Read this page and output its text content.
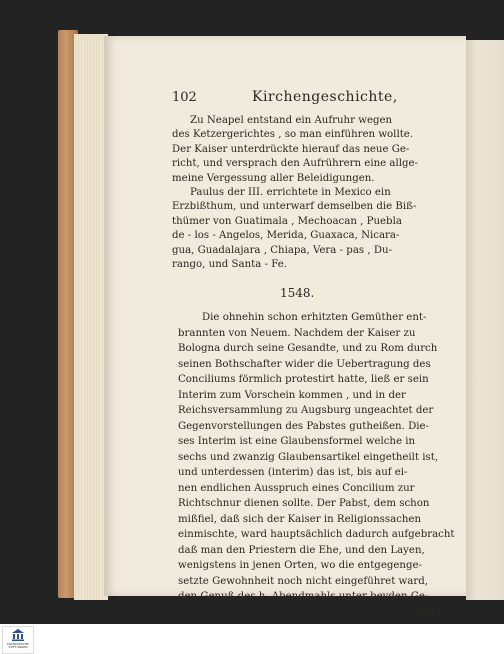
102	Kirchengeschichte,
Zu Neapel entstand ein Aufruhr wegen
des Ketzergerichtes , so man einführen wollte.
Der Kaiser unterdrückte hierauf das neue Ge-
richt, und versprach den Aufrührern eine allge-
meine Vergessung aller Beleidigungen.
Paulus der III. errichtete in Mexico ein
Erzbißthum, und unterwarf demselben die Biß-
thümer von Guatimala , Mechoacan , Puebla
de - los - Angelos, Merida, Guaxaca, Nicara-
gua, Guadalajara , Chiapa, Vera - pas , Du-
rango, und Santa - Fe.
1548.
Die ohnehin schon erhitzten Gemüther ent-
brannten von Neuem. Nachdem der Kaiser zu
Bologna durch seine Gesandte, und zu Rom durch
seinen Bothschafter wider die Uebertragung des
Conciliums förmlich protestirt hatte, ließ er sein
Interim zum Vorschein kommen , und in der
Reichsversammlung zu Augsburg ungeachtet der
Gegenvorstellungen des Pabstes gutheißen. Die-
ses Interim ist eine Glaubensformel welche in
sechs und zwanzig Glaubensartikel eingetheilt ist,
und unterdessen (interim) das ist, bis auf ei-
nen endlichen Ausspruch eines Concilium zur
Richtschnur dienen sollte. Der Pabst, dem schon
mißfiel, daß sich der Kaiser in Religionssachen
einmischte, ward hauptsächlich dadurch aufgebracht
daß man den Priestern die Ehe, und den Layen,
wenigstens in jenen Orten, wo die entgegenge-
setzte Gewohnheit noch nicht eingeführet ward,
den Genuß des h. Abendmahls unter beyden Ge-
stal-
FRANCKESCHE
STIFTUNGEN
